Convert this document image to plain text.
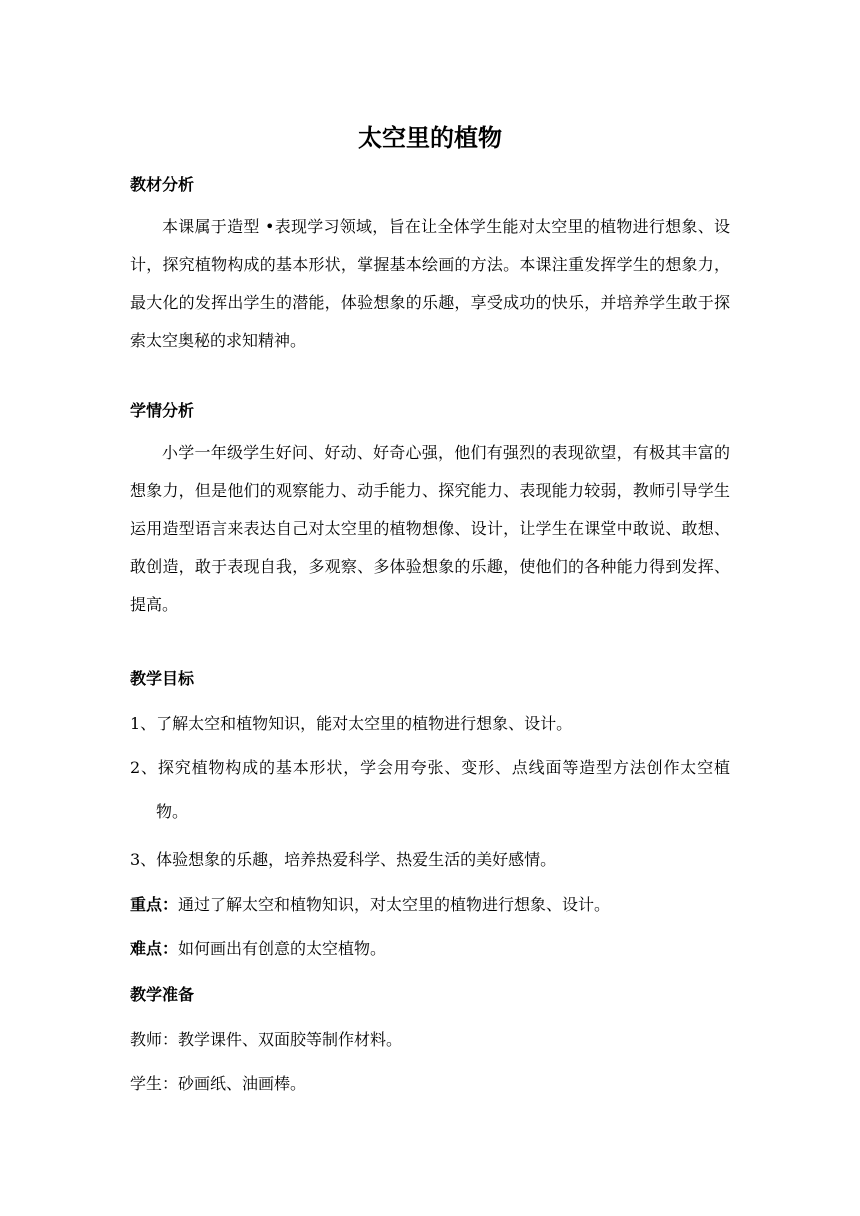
太空里的植物
教材分析
本课属于造型 •表现学习领域，旨在让全体学生能对太空里的植物进行想象、设计，探究植物构成的基本形状，掌握基本绘画的方法。本课注重发挥学生的想象力，最大化的发挥出学生的潜能，体验想象的乐趣，享受成功的快乐，并培养学生敢于探索太空奥秘的求知精神。
学情分析
小学一年级学生好问、好动、好奇心强，他们有强烈的表现欲望，有极其丰富的想象力，但是他们的观察能力、动手能力、探究能力、表现能力较弱，教师引导学生运用造型语言来表达自己对太空里的植物想像、设计，让学生在课堂中敢说、敢想、敢创造，敢于表现自我，多观察、多体验想象的乐趣，使他们的各种能力得到发挥、提高。
教学目标
1、了解太空和植物知识，能对太空里的植物进行想象、设计。
2、探究植物构成的基本形状，学会用夸张、变形、点线面等造型方法创作太空植物。
3、体验想象的乐趣，培养热爱科学、热爱生活的美好感情。
重点：通过了解太空和植物知识，对太空里的植物进行想象、设计。
难点：如何画出有创意的太空植物。
教学准备
教师：教学课件、双面胶等制作材料。
学生：砂画纸、油画棒。
